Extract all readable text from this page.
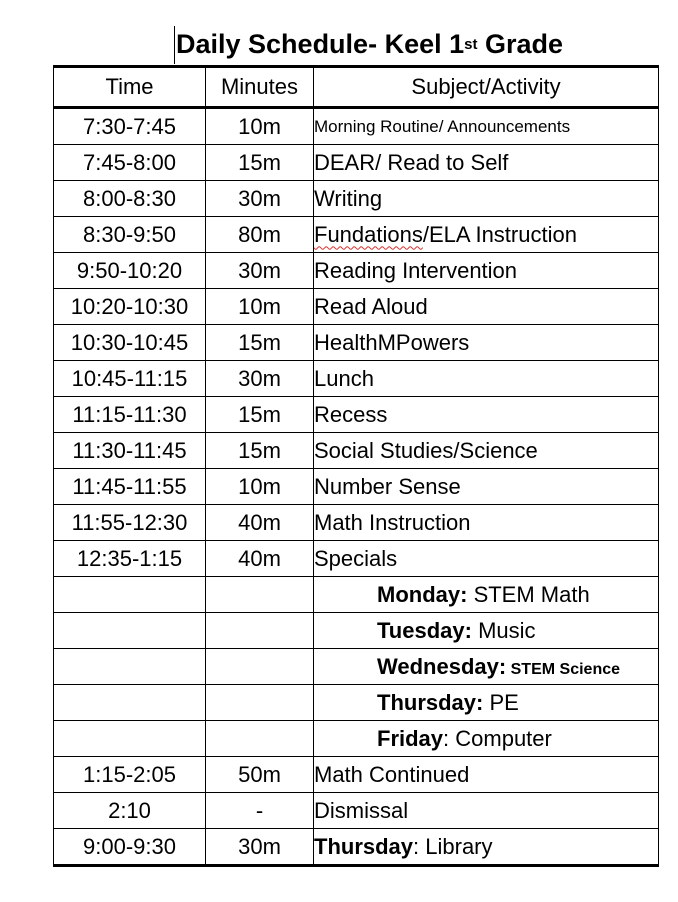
Daily Schedule- Keel 1st Grade
Time	Minutes	Subject/Activity
7:30-7:45	10m	Morning Routine/ Announcements
7:45-8:00	15m	DEAR/ Read to Self
8:00-8:30	30m	Writing
8:30-9:50	80m	Fundations/ELA Instruction
9:50-10:20	30m	Reading Intervention
10:20-10:30	10m	Read Aloud
10:30-10:45	15m	HealthMPowers
10:45-11:15	30m	Lunch
11:15-11:30	15m	Recess
11:30-11:45	15m	Social Studies/Science
11:45-11:55	10m	Number Sense
11:55-12:30	40m	Math Instruction
12:35-1:15	40m	Specials
		Monday: STEM Math
		Tuesday: Music
		Wednesday: STEM Science
		Thursday: PE
		Friday: Computer
1:15-2:05	50m	Math Continued
2:10	-	Dismissal
9:00-9:30	30m	Thursday: Library
